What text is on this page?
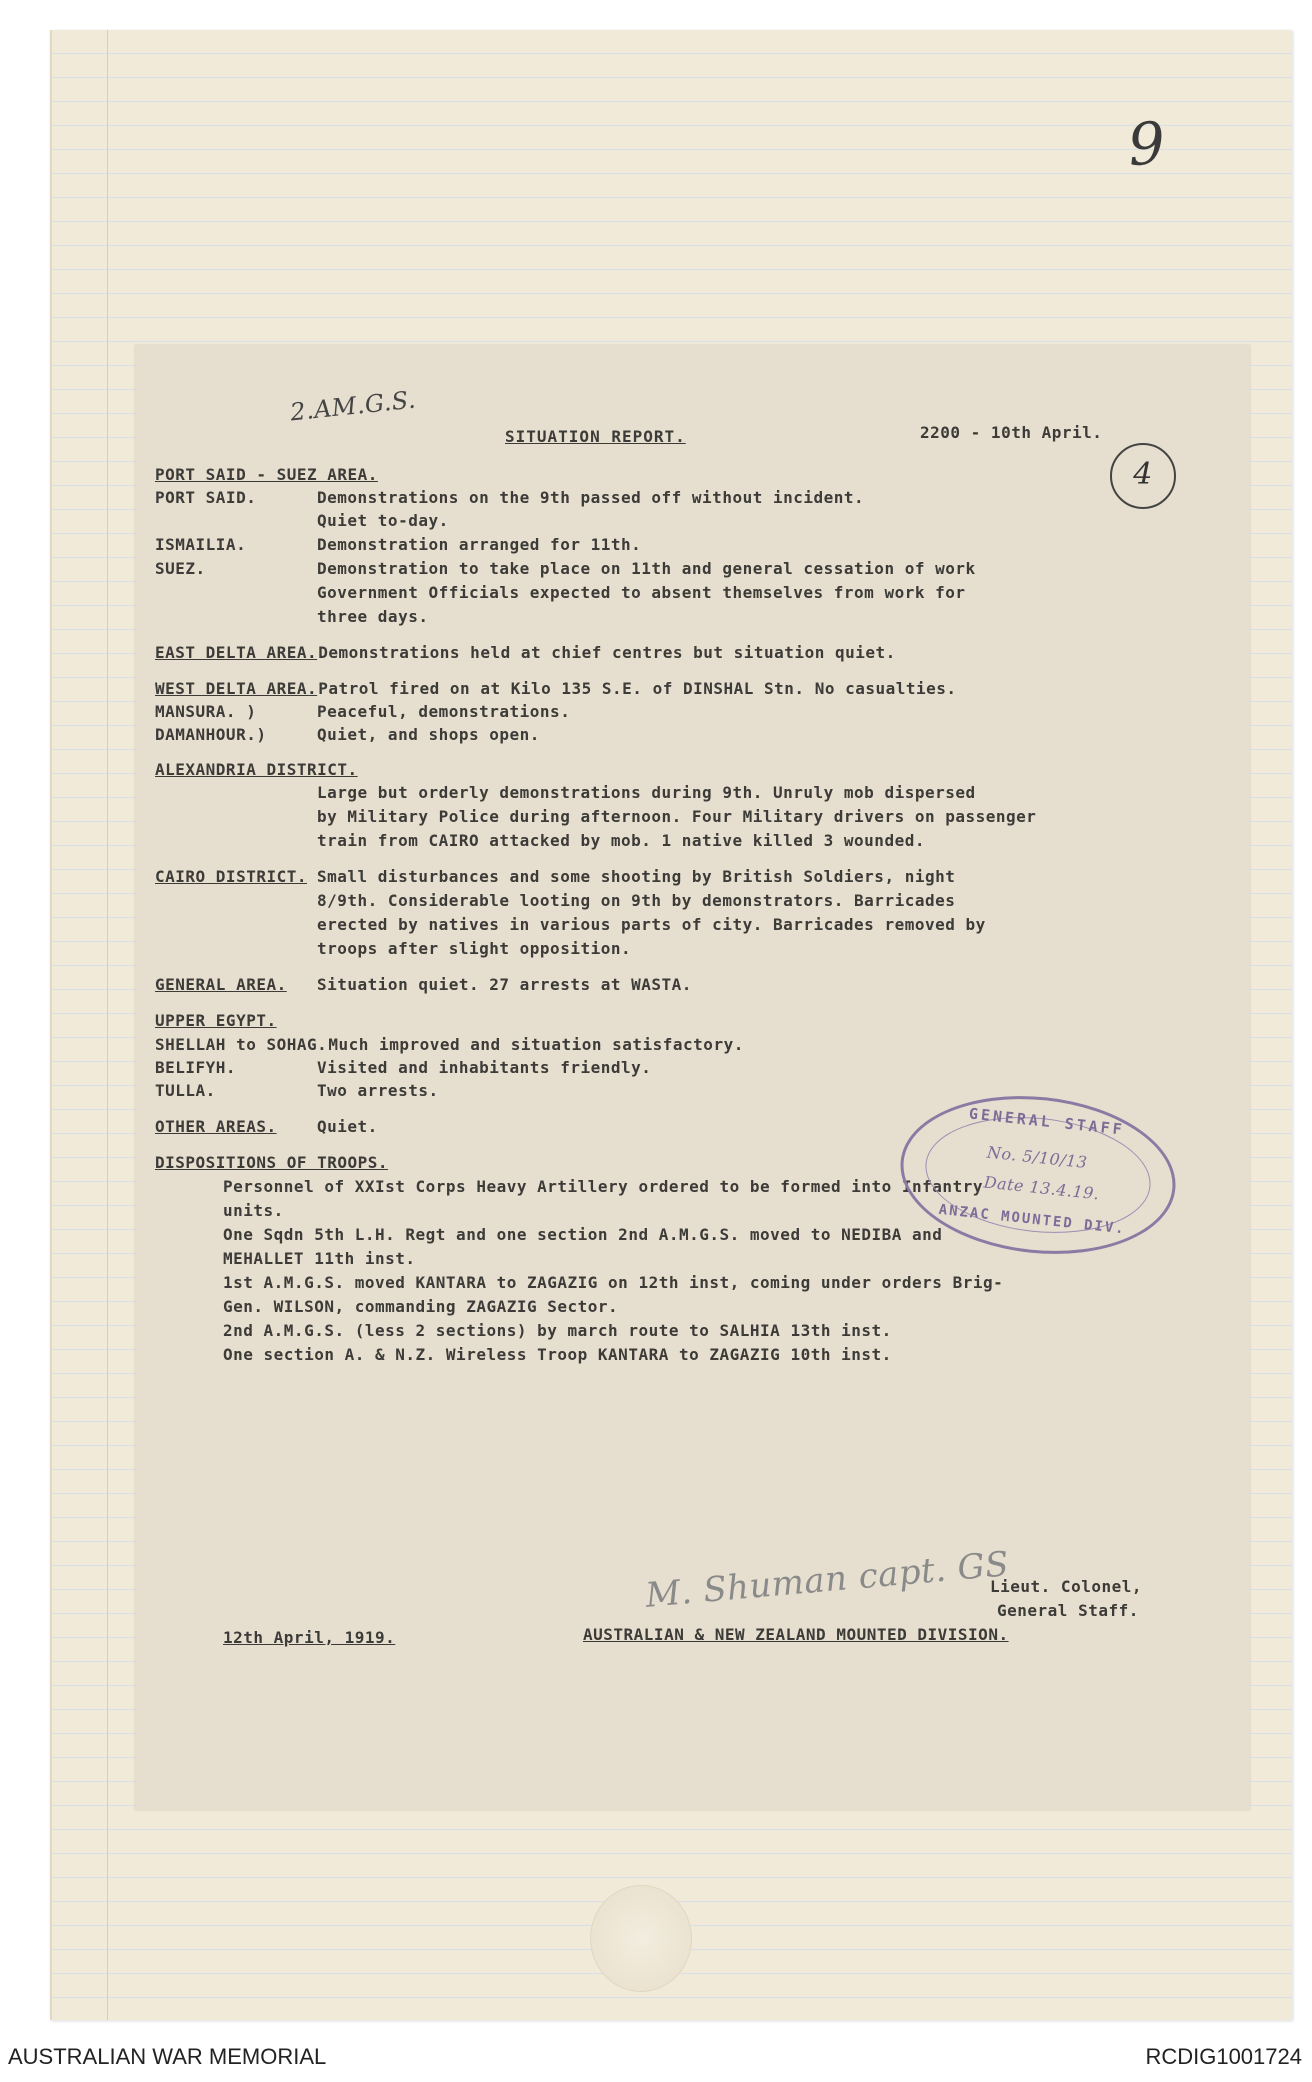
9
2.AM.G.S.
SITUATION REPORT.	2200 - 10th April.
4
PORT SAID - SUEZ AREA.
PORT SAID.	Demonstrations on the 9th passed off without incident.
Quiet to-day.
ISMAILIA.	Demonstration arranged for 11th.
SUEZ.	Demonstration to take place on 11th and general cessation of work
Government Officials expected to absent themselves from work for
three days.
EAST DELTA AREA. Demonstrations held at chief centres but situation quiet.
WEST DELTA AREA. Patrol fired on at Kilo 135 S.E. of DINSHAL Stn. No casualties.
MANSURA. )	Peaceful, demonstrations.
DAMANHOUR.)	Quiet, and shops open.
ALEXANDRIA DISTRICT.
Large but orderly demonstrations during 9th. Unruly mob dispersed
by Military Police during afternoon. Four Military drivers on passenger
train from CAIRO attacked by mob. 1 native killed 3 wounded.
CAIRO DISTRICT. Small disturbances and some shooting by British Soldiers, night
8/9th. Considerable looting on 9th by demonstrators. Barricades
erected by natives in various parts of city. Barricades removed by
troops after slight opposition.
GENERAL AREA. Situation quiet. 27 arrests at WASTA.
UPPER EGYPT.
SHELLAH to SOHAG. Much improved and situation satisfactory.
BELIFYH.	Visited and inhabitants friendly.
TULLA.	Two arrests.
OTHER AREAS.	Quiet.
DISPOSITIONS OF TROOPS.
Personnel of XXIst Corps Heavy Artillery ordered to be formed into Infantry
units.
One Sqdn 5th L.H. Regt and one section 2nd A.M.G.S. moved to NEDIBA and
MEHALLET 11th inst.
1st A.M.G.S. moved KANTARA to ZAGAZIG on 12th inst, coming under orders Brig-
Gen. WILSON, commanding ZAGAZIG Sector.
2nd A.M.G.S. (less 2 sections) by march route to SALHIA 13th inst.
One section A. & N.Z. Wireless Troop KANTARA to ZAGAZIG 10th inst.
GENERAL STAFF
No. 5/10/13
Date 13.4.19.
ANZAC MOUNTED DIV.
M. Shuman capt. GS
Lieut. Colonel,
General Staff.
12th April, 1919.	AUSTRALIAN & NEW ZEALAND MOUNTED DIVISION.
AUSTRALIAN WAR MEMORIAL	RCDIG1001724
